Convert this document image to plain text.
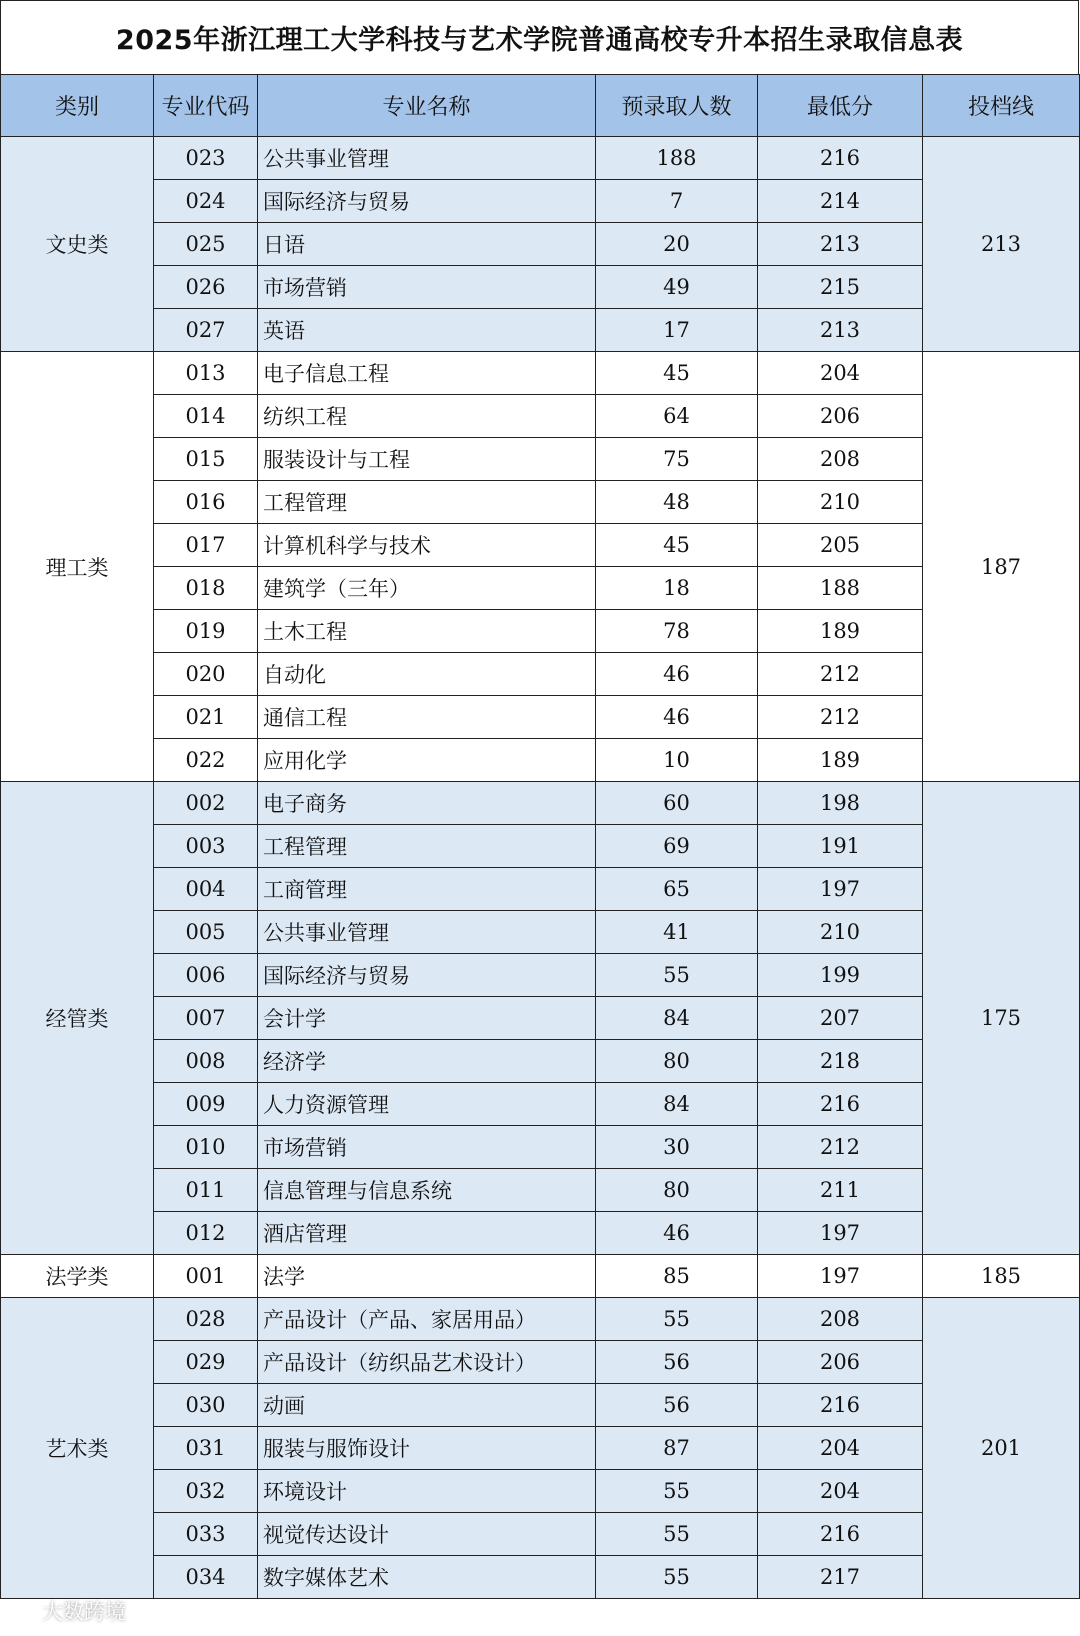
2025年浙江理工大学科技与艺术学院普通高校专升本招生录取信息表
类别	专业代码	专业名称	预录取人数	最低分	投档线
文史类	023	公共事业管理	188	216	213
	024	国际经济与贸易	7	214	
	025	日语	20	213	
	026	市场营销	49	215	
	027	英语	17	213	
理工类	013	电子信息工程	45	204	187
	014	纺织工程	64	206	
	015	服装设计与工程	75	208	
	016	工程管理	48	210	
	017	计算机科学与技术	45	205	
	018	建筑学（三年）	18	188	
	019	土木工程	78	189	
	020	自动化	46	212	
	021	通信工程	46	212	
	022	应用化学	10	189	
经管类	002	电子商务	60	198	175
	003	工程管理	69	191	
	004	工商管理	65	197	
	005	公共事业管理	41	210	
	006	国际经济与贸易	55	199	
	007	会计学	84	207	
	008	经济学	80	218	
	009	人力资源管理	84	216	
	010	市场营销	30	212	
	011	信息管理与信息系统	80	211	
	012	酒店管理	46	197	
法学类	001	法学	85	197	185
艺术类	028	产品设计（产品、家居用品）	55	208	201
	029	产品设计（纺织品艺术设计）	56	206	
	030	动画	56	216	
	031	服装与服饰设计	87	204	
	032	环境设计	55	204	
	033	视觉传达设计	55	216	
	034	数字媒体艺术	55	217	
大数跨境
